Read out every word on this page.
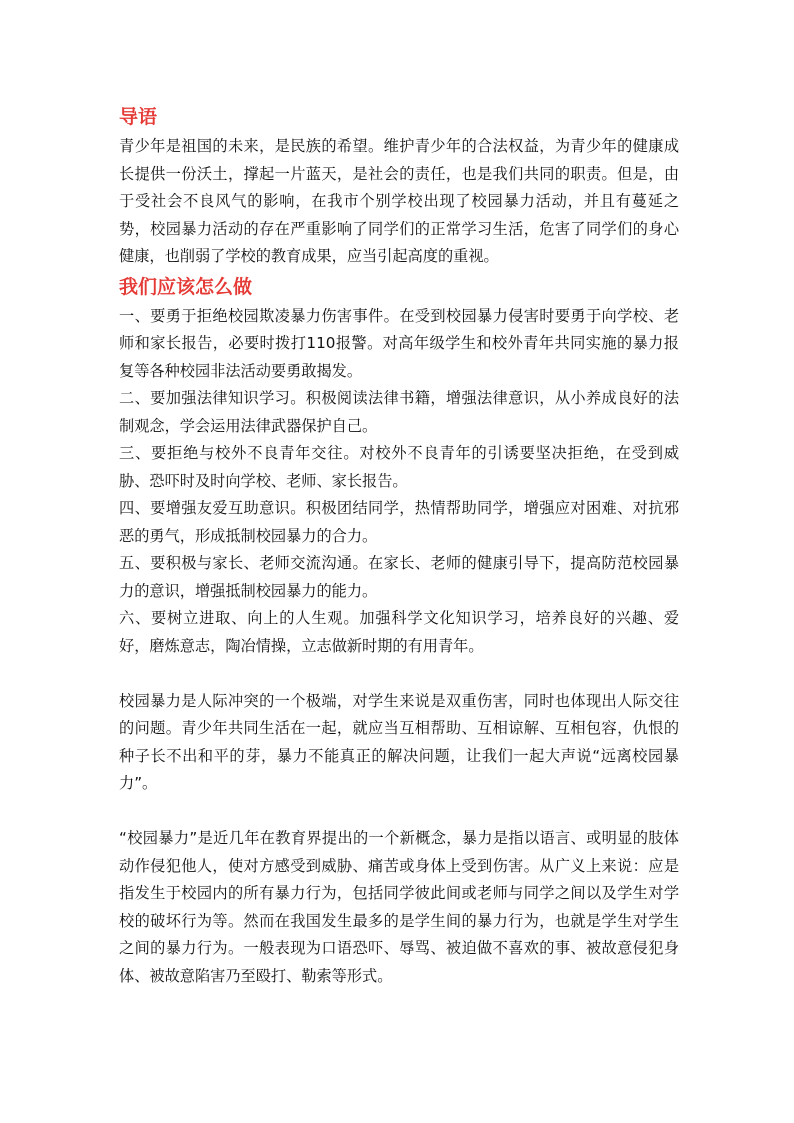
导语

青少年是祖国的未来，是民族的希望。维护青少年的合法权益，为青少年的健康成长提供一份沃土，撑起一片蓝天，是社会的责任，也是我们共同的职责。但是，由于受社会不良风气的影响，在我市个别学校出现了校园暴力活动，并且有蔓延之势，校园暴力活动的存在严重影响了同学们的正常学习生活，危害了同学们的身心健康，也削弱了学校的教育成果，应当引起高度的重视。

我们应该怎么做

一、要勇于拒绝校园欺凌暴力伤害事件。在受到校园暴力侵害时要勇于向学校、老师和家长报告，必要时拨打110报警。对高年级学生和校外青年共同实施的暴力报复等各种校园非法活动要勇敢揭发。

二、要加强法律知识学习。积极阅读法律书籍，增强法律意识，从小养成良好的法制观念，学会运用法律武器保护自己。

三、要拒绝与校外不良青年交往。对校外不良青年的引诱要坚决拒绝，在受到威胁、恐吓时及时向学校、老师、家长报告。

四、要增强友爱互助意识。积极团结同学，热情帮助同学，增强应对困难、对抗邪恶的勇气，形成抵制校园暴力的合力。

五、要积极与家长、老师交流沟通。在家长、老师的健康引导下，提高防范校园暴力的意识，增强抵制校园暴力的能力。

六、要树立进取、向上的人生观。加强科学文化知识学习，培养良好的兴趣、爱好，磨炼意志，陶冶情操，立志做新时期的有用青年。

校园暴力是人际冲突的一个极端，对学生来说是双重伤害，同时也体现出人际交往的问题。青少年共同生活在一起，就应当互相帮助、互相谅解、互相包容，仇恨的种子长不出和平的芽，暴力不能真正的解决问题，让我们一起大声说“远离校园暴力”。

“校园暴力”是近几年在教育界提出的一个新概念，暴力是指以语言、或明显的肢体动作侵犯他人，使对方感受到威胁、痛苦或身体上受到伤害。从广义上来说：应是指发生于校园内的所有暴力行为，包括同学彼此间或老师与同学之间以及学生对学校的破坏行为等。然而在我国发生最多的是学生间的暴力行为，也就是学生对学生之间的暴力行为。一般表现为口语恐吓、辱骂、被迫做不喜欢的事、被故意侵犯身体、被故意陷害乃至殴打、勒索等形式。
